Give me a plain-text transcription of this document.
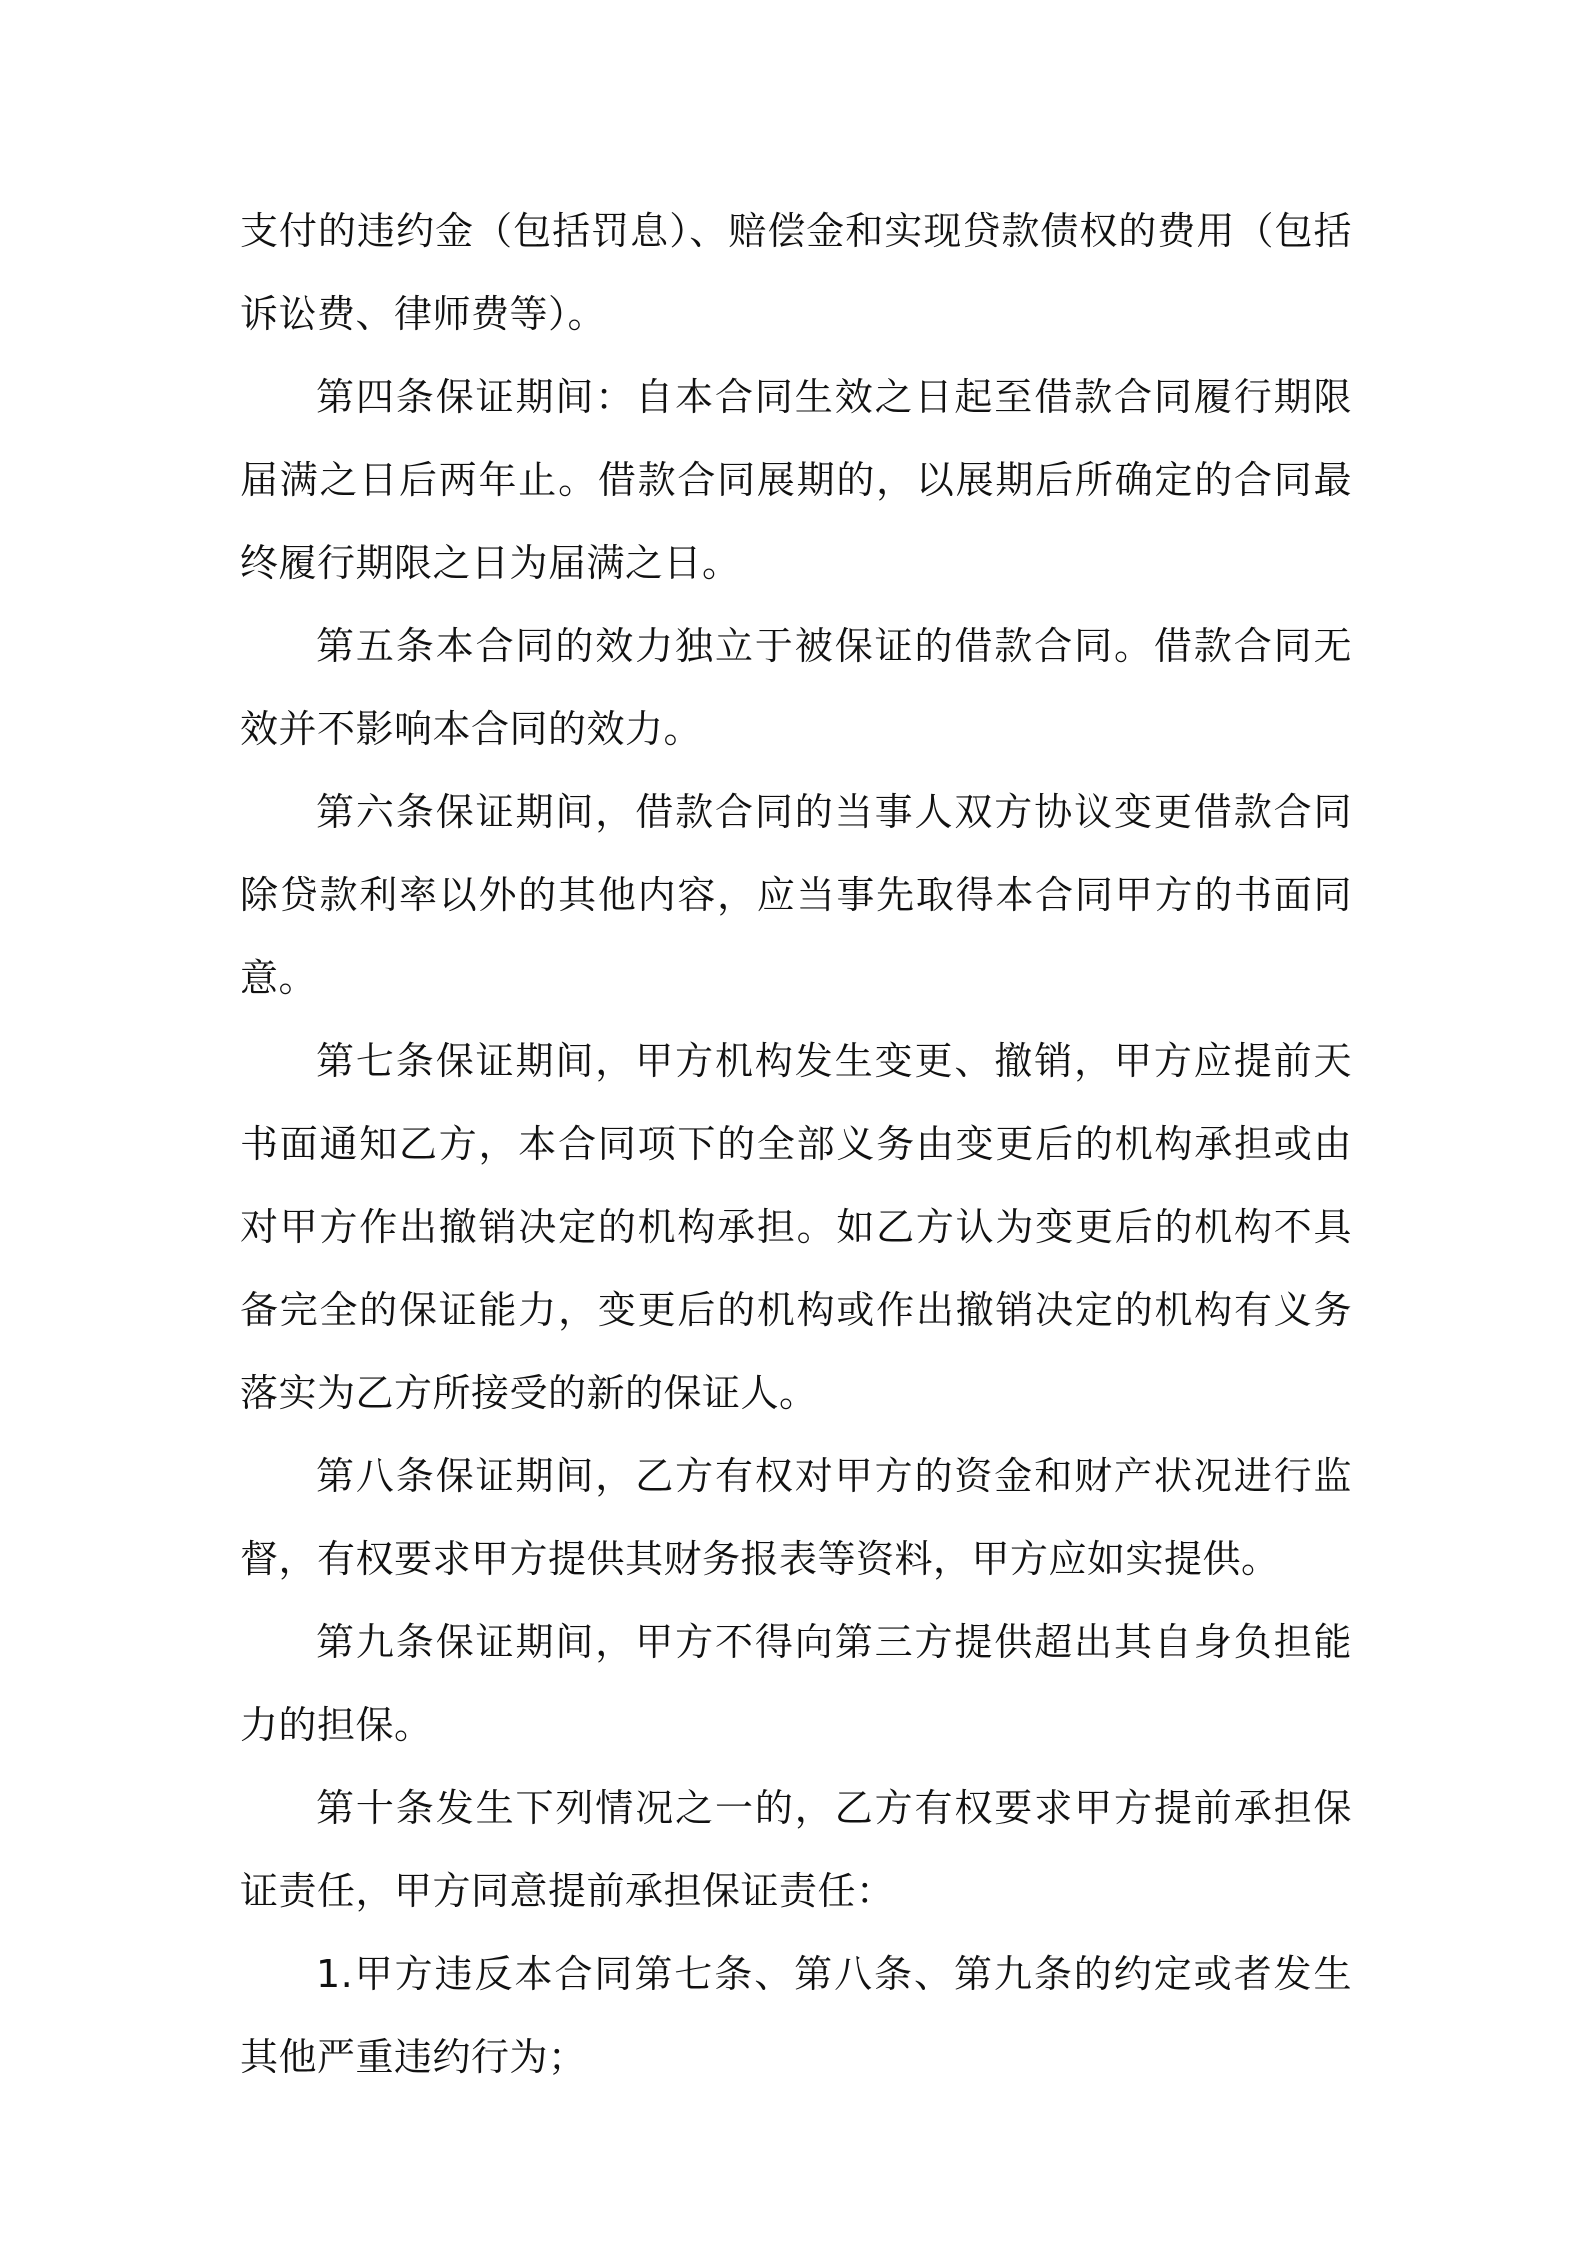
支付的违约金（包括罚息）、赔偿金和实现贷款债权的费用（包括诉讼费、律师费等）。

第四条保证期间：自本合同生效之日起至借款合同履行期限届满之日后两年止。借款合同展期的，以展期后所确定的合同最终履行期限之日为届满之日。

第五条本合同的效力独立于被保证的借款合同。借款合同无效并不影响本合同的效力。

第六条保证期间，借款合同的当事人双方协议变更借款合同除贷款利率以外的其他内容，应当事先取得本合同甲方的书面同意。

第七条保证期间，甲方机构发生变更、撤销，甲方应提前天书面通知乙方，本合同项下的全部义务由变更后的机构承担或由对甲方作出撤销决定的机构承担。如乙方认为变更后的机构不具备完全的保证能力，变更后的机构或作出撤销决定的机构有义务落实为乙方所接受的新的保证人。

第八条保证期间，乙方有权对甲方的资金和财产状况进行监督，有权要求甲方提供其财务报表等资料，甲方应如实提供。

第九条保证期间，甲方不得向第三方提供超出其自身负担能力的担保。

第十条发生下列情况之一的，乙方有权要求甲方提前承担保证责任，甲方同意提前承担保证责任：

1.甲方违反本合同第七条、第八条、第九条的约定或者发生其他严重违约行为；
